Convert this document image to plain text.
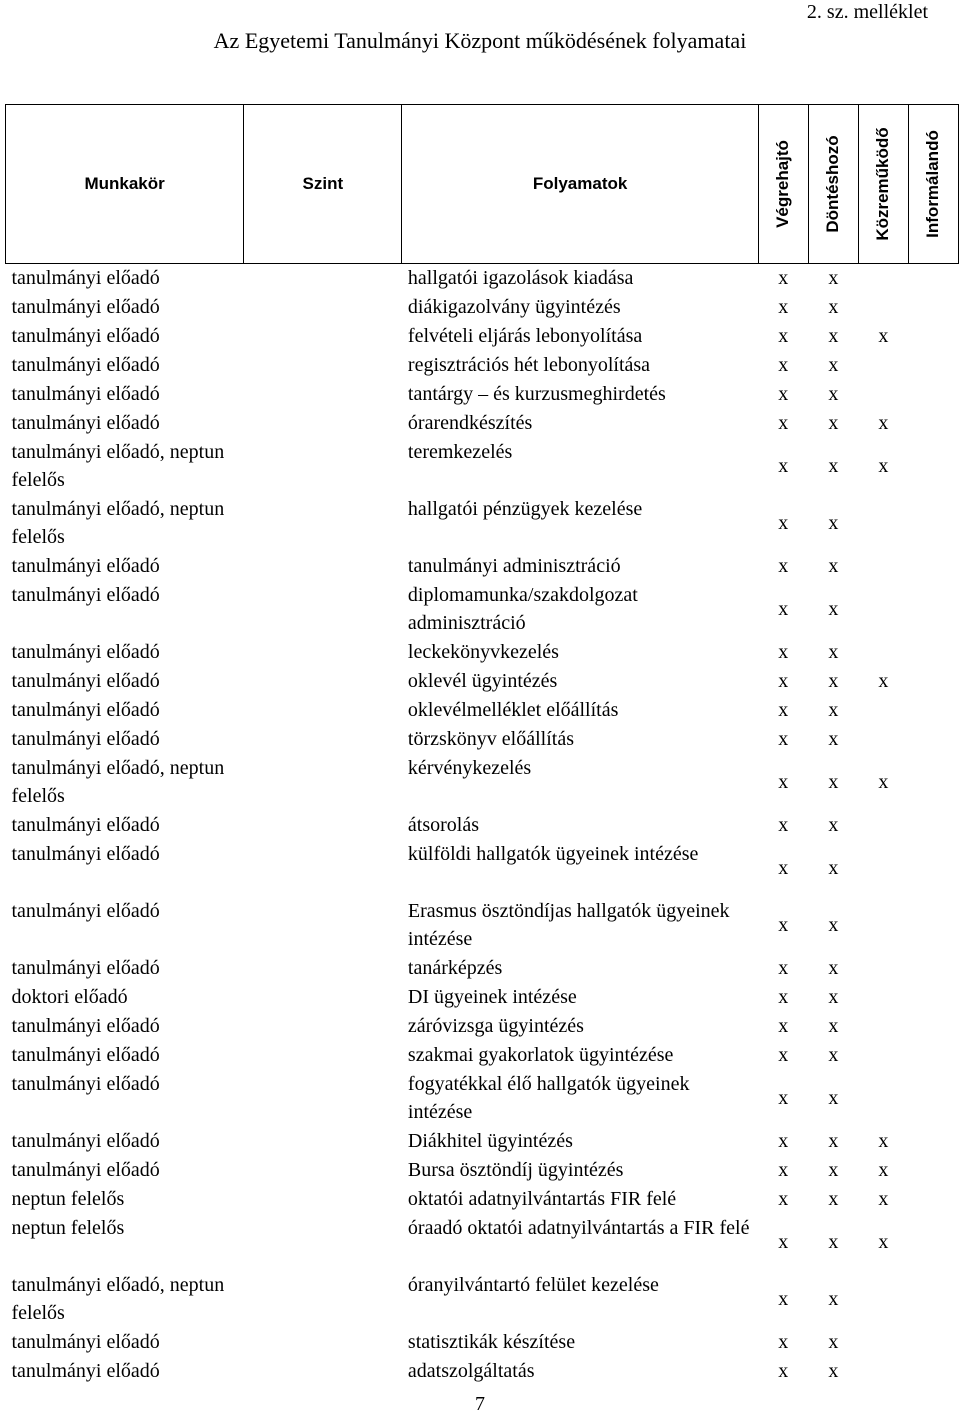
2. sz. melléklet
Az Egyetemi Tanulmányi Központ működésének folyamatai
Munkakör	Szint	Folyamatok	Végrehajtó	Döntéshozó	Közreműködő	Informálandó

tanulmányi előadó		hallgatói igazolások kiadása	x	x		
tanulmányi előadó		diákigazolvány ügyintézés	x	x		
tanulmányi előadó		felvételi eljárás lebonyolítása	x	x	x	
tanulmányi előadó		regisztrációs hét lebonyolítása	x	x		
tanulmányi előadó		tantárgy – és kurzusmeghirdetés	x	x		
tanulmányi előadó		órarendkészítés	x	x	x	
tanulmányi előadó, neptun felelős		teremkezelés	x	x	x	
tanulmányi előadó, neptun felelős		hallgatói pénzügyek kezelése	x	x		
tanulmányi előadó		tanulmányi adminisztráció	x	x		
tanulmányi előadó		diplomamunka/szakdolgozat adminisztráció	x	x		
tanulmányi előadó		leckekönyvkezelés	x	x		
tanulmányi előadó		oklevél ügyintézés	x	x	x	
tanulmányi előadó		oklevélmelléklet előállítás	x	x		
tanulmányi előadó		törzskönyv előállítás	x	x		
tanulmányi előadó, neptun felelős		kérvénykezelés	x	x	x	
tanulmányi előadó		átsorolás	x	x		
tanulmányi előadó		külföldi hallgatók ügyeinek intézése	x	x		
tanulmányi előadó		Erasmus ösztöndíjas hallgatók ügyeinek intézése	x	x		
tanulmányi előadó		tanárképzés	x	x		
doktori előadó		DI ügyeinek intézése	x	x		
tanulmányi előadó		záróvizsga ügyintézés	x	x		
tanulmányi előadó		szakmai gyakorlatok ügyintézése	x	x		
tanulmányi előadó		fogyatékkal élő hallgatók ügyeinek intézése	x	x		
tanulmányi előadó		Diákhitel ügyintézés	x	x	x	
tanulmányi előadó		Bursa ösztöndíj ügyintézés	x	x	x	
neptun felelős		oktatói adatnyilvántartás FIR felé	x	x	x	
neptun felelős		óraadó oktatói adatnyilvántartás a FIR felé	x	x	x	
tanulmányi előadó, neptun felelős		óranyilvántartó felület kezelése	x	x		
tanulmányi előadó		statisztikák készítése	x	x		
tanulmányi előadó		adatszolgáltatás	x	x		
7
